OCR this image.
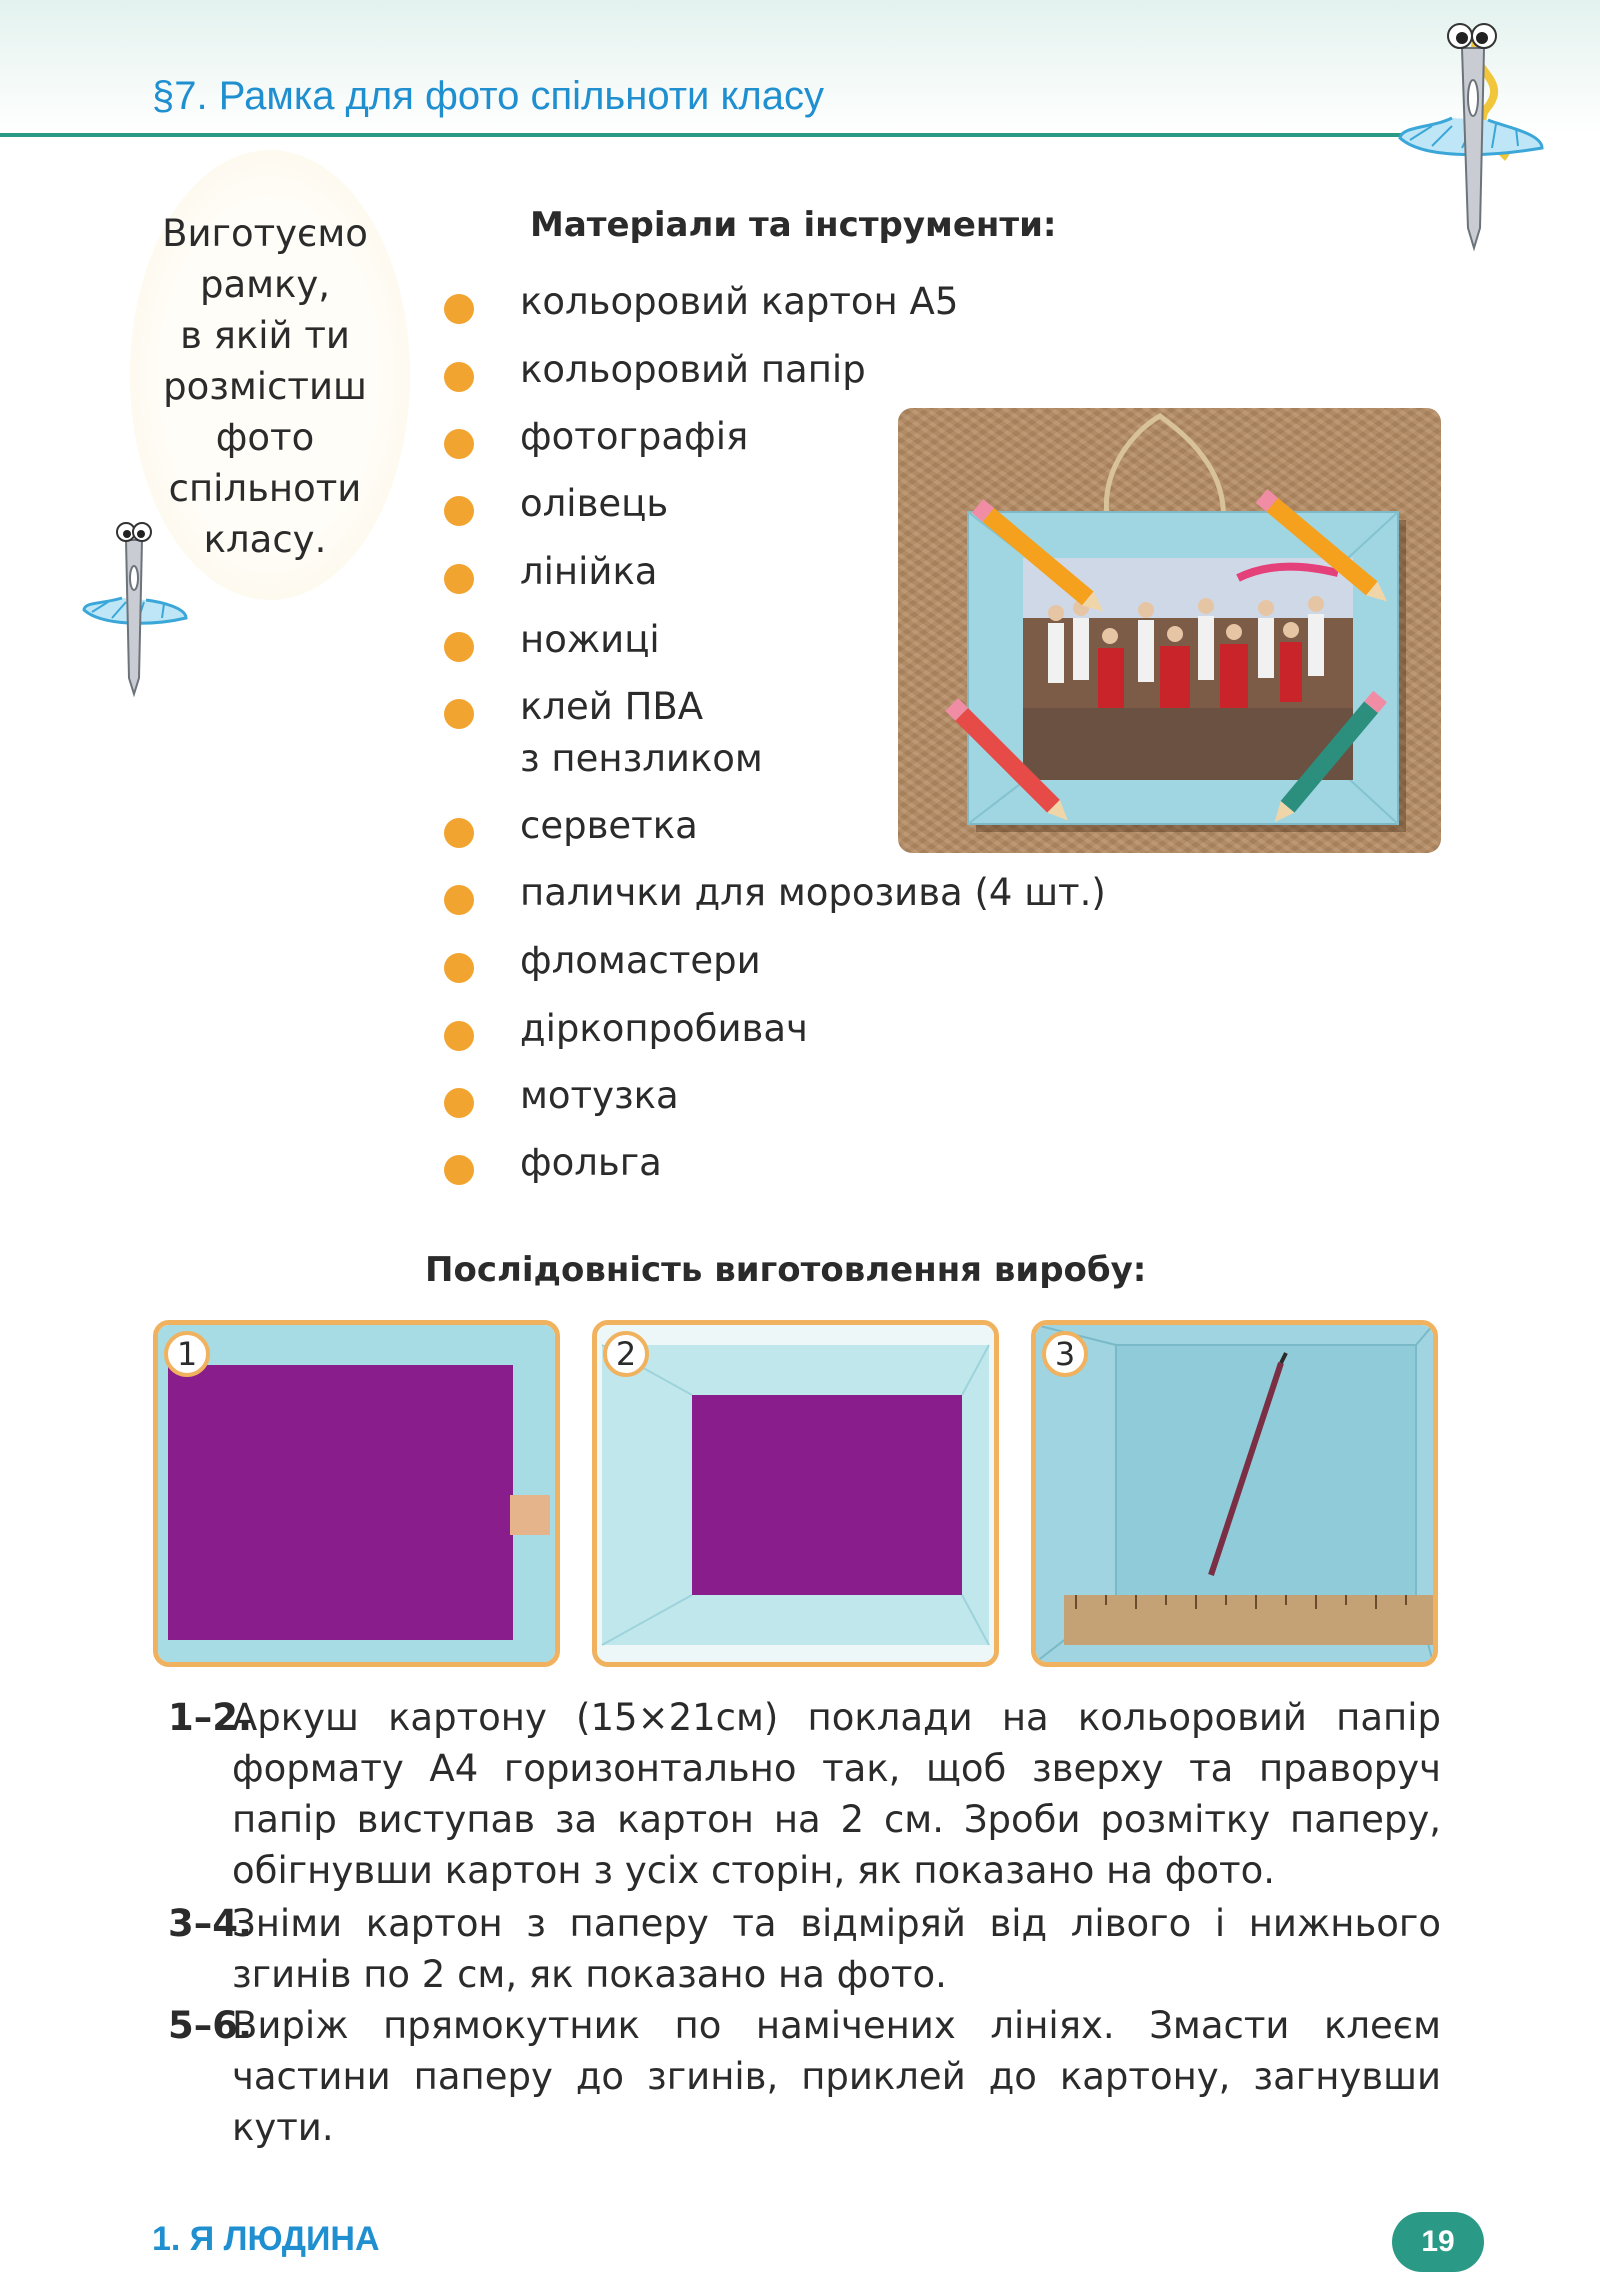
§7. Рамка для фото спільноти класу
Виготуємо
рамку,
в якій ти
розмістиш
фото
спільноти
класу.
Матеріали та інструменти:
кольоровий картон А5
кольоровий папір
фотографія
олівець
лінійка
ножиці
клей ПВА
з пензликом
серветка
палички для морозива (4 шт.)
фломастери
діркопробивач
мотузка
фольга
Послідовність виготовлення виробу:
1	2	3
1–2.

Аркуш картону (15×21см) поклади на кольоровий папір формату А4 горизонтально так, щоб зверху та праворуч папір виступав за картон на 2 см. Зроби розмітку паперу, обігнувши картон з усіх сторін, як показано на фото.

3–4.

Зніми картон з паперу та відміряй від лівого і нижнього згинів по 2 см, як показано на фото.

5–6.

Виріж прямокутник по намічених лініях. Змасти клеєм частини паперу до згинів, приклей до картону, загнувши кути.

1. Я ЛЮДИНА	19
